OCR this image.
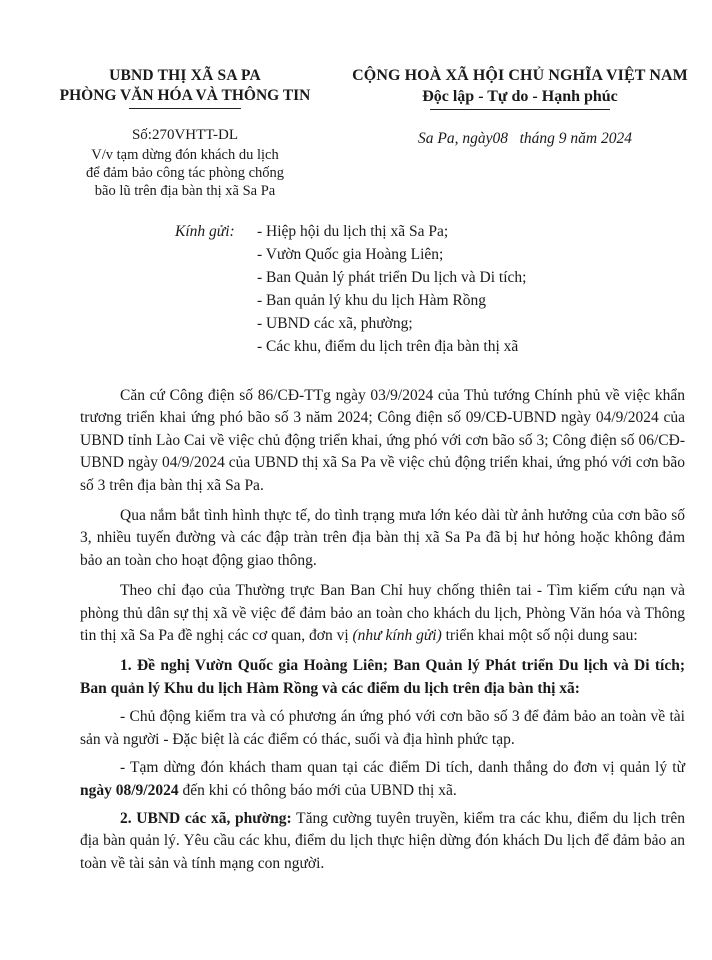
UBND THỊ XÃ SA PA
PHÒNG VĂN HÓA VÀ THÔNG TIN
CỘNG HOÀ XÃ HỘI CHỦ NGHĨA VIỆT NAM
Độc lập - Tự do - Hạnh phúc
Số:270VHTT-DL
V/v tạm dừng đón khách du lịch
để đảm bảo công tác phòng chống
bão lũ trên địa bàn thị xã Sa Pa
Sa Pa, ngày08   tháng 9 năm 2024
Kính gửi: - Hiệp hội du lịch thị xã Sa Pa;
- Vườn Quốc gia Hoàng Liên;
- Ban Quản lý phát triển Du lịch và Di tích;
- Ban quản lý khu du lịch Hàm Rồng
- UBND các xã, phường;
- Các khu, điểm du lịch trên địa bàn thị xã

Căn cứ Công điện số 86/CĐ-TTg ngày 03/9/2024 của Thủ tướng Chính phủ về việc khẩn trương triển khai ứng phó bão số 3 năm 2024; Công điện số 09/CĐ-UBND ngày 04/9/2024 của UBND tỉnh Lào Cai về việc chủ động triển khai, ứng phó với cơn bão số 3; Công điện số 06/CĐ-UBND ngày 04/9/2024 của UBND thị xã Sa Pa về việc chủ động triển khai, ứng phó với cơn bão số 3 trên địa bàn thị xã Sa Pa.

Qua nắm bắt tình hình thực tế, do tình trạng mưa lớn kéo dài từ ảnh hưởng của cơn bão số 3, nhiều tuyến đường và các đập tràn trên địa bàn thị xã Sa Pa đã bị hư hỏng hoặc không đảm bảo an toàn cho hoạt động giao thông.

Theo chỉ đạo của Thường trực Ban Ban Chỉ huy chống thiên tai - Tìm kiếm cứu nạn và phòng thủ dân sự thị xã về việc để đảm bảo an toàn cho khách du lịch, Phòng Văn hóa và Thông tin thị xã Sa Pa đề nghị các cơ quan, đơn vị (như kính gửi) triển khai một số nội dung sau:

1. Đề nghị Vườn Quốc gia Hoàng Liên; Ban Quản lý Phát triển Du lịch và Di tích; Ban quản lý Khu du lịch Hàm Rồng và các điểm du lịch trên địa bàn thị xã:

- Chủ động kiểm tra và có phương án ứng phó với cơn bão số 3 để đảm bảo an toàn về tài sản và người - Đặc biệt là các điểm có thác, suối và địa hình phức tạp.

- Tạm dừng đón khách tham quan tại các điểm Di tích, danh thắng do đơn vị quản lý từ ngày 08/9/2024 đến khi có thông báo mới của UBND thị xã.

2. UBND các xã, phường: Tăng cường tuyên truyền, kiểm tra các khu, điểm du lịch trên địa bàn quản lý. Yêu cầu các khu, điểm du lịch thực hiện dừng đón khách Du lịch để đảm bảo an toàn về tài sản và tính mạng con người.
